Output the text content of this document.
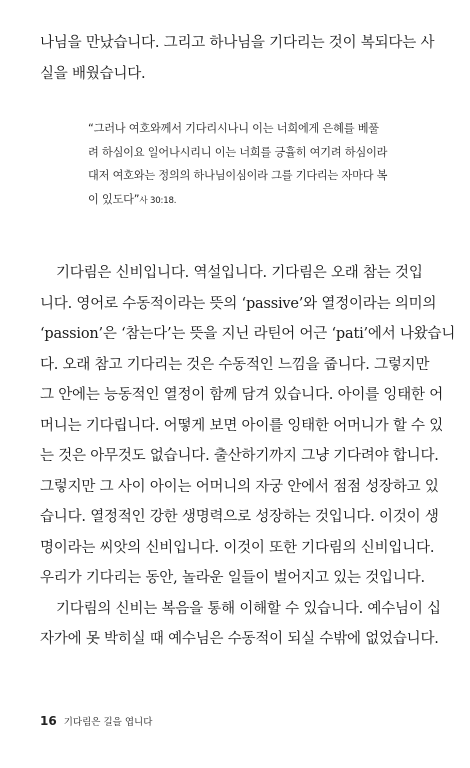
나님을 만났습니다. 그리고 하나님을 기다리는 것이 복되다는 사
실을 배웠습니다.
“그러나 여호와께서 기다리시나니 이는 너희에게 은혜를 베풀
려 하심이요 일어나시리니 이는 너희를 긍휼히 여기려 하심이라
대저 여호와는 정의의 하나님이심이라 그를 기다리는 자마다 복
이 있도다”사 30:18.
기다림은 신비입니다. 역설입니다. 기다림은 오래 참는 것입
니다. 영어로 수동적이라는 뜻의 ‘passive’와 열정이라는 의미의
‘passion’은 ‘참는다’는 뜻을 지닌 라틴어 어근 ‘pati’에서 나왔습니
다. 오래 참고 기다리는 것은 수동적인 느낌을 줍니다. 그렇지만
그 안에는 능동적인 열정이 함께 담겨 있습니다. 아이를 잉태한 어
머니는 기다립니다. 어떻게 보면 아이를 잉태한 어머니가 할 수 있
는 것은 아무것도 없습니다. 출산하기까지 그냥 기다려야 합니다.
그렇지만 그 사이 아이는 어머니의 자궁 안에서 점점 성장하고 있
습니다. 열정적인 강한 생명력으로 성장하는 것입니다. 이것이 생
명이라는 씨앗의 신비입니다. 이것이 또한 기다림의 신비입니다.
우리가 기다리는 동안, 놀라운 일들이 벌어지고 있는 것입니다.
기다림의 신비는 복음을 통해 이해할 수 있습니다. 예수님이 십
자가에 못 박히실 때 예수님은 수동적이 되실 수밖에 없었습니다.
16 기다림은 길을 엽니다
